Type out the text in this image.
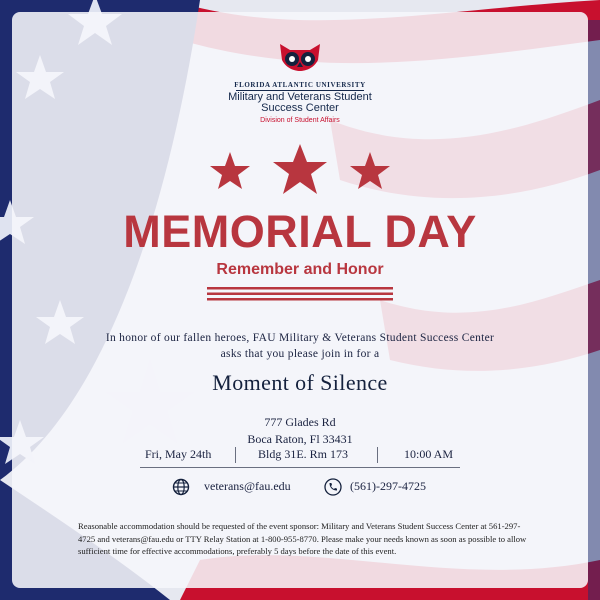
FLORIDA ATLANTIC UNIVERSITY
Military and Veterans Student
Success Center
Division of Student Affairs
MEMORIAL DAY
Remember and Honor
In honor of our fallen heroes, FAU Military & Veterans Student Success Center
asks that you please join in for a
Moment of Silence
777 Glades Rd
Boca Raton, Fl 33431
Fri, May 24th	Bldg 31E. Rm 173	10:00 AM
veterans@fau.edu	(561)-297-4725
Reasonable accommodation should be requested of the event sponsor: Military and Veterans Student Success Center at 561-297-4725 and veterans@fau.edu or TTY Relay Station at 1-800-955-8770. Please make your needs known as soon as possible to allow sufficient time for effective accommodations, preferably 5 days before the date of this event.
